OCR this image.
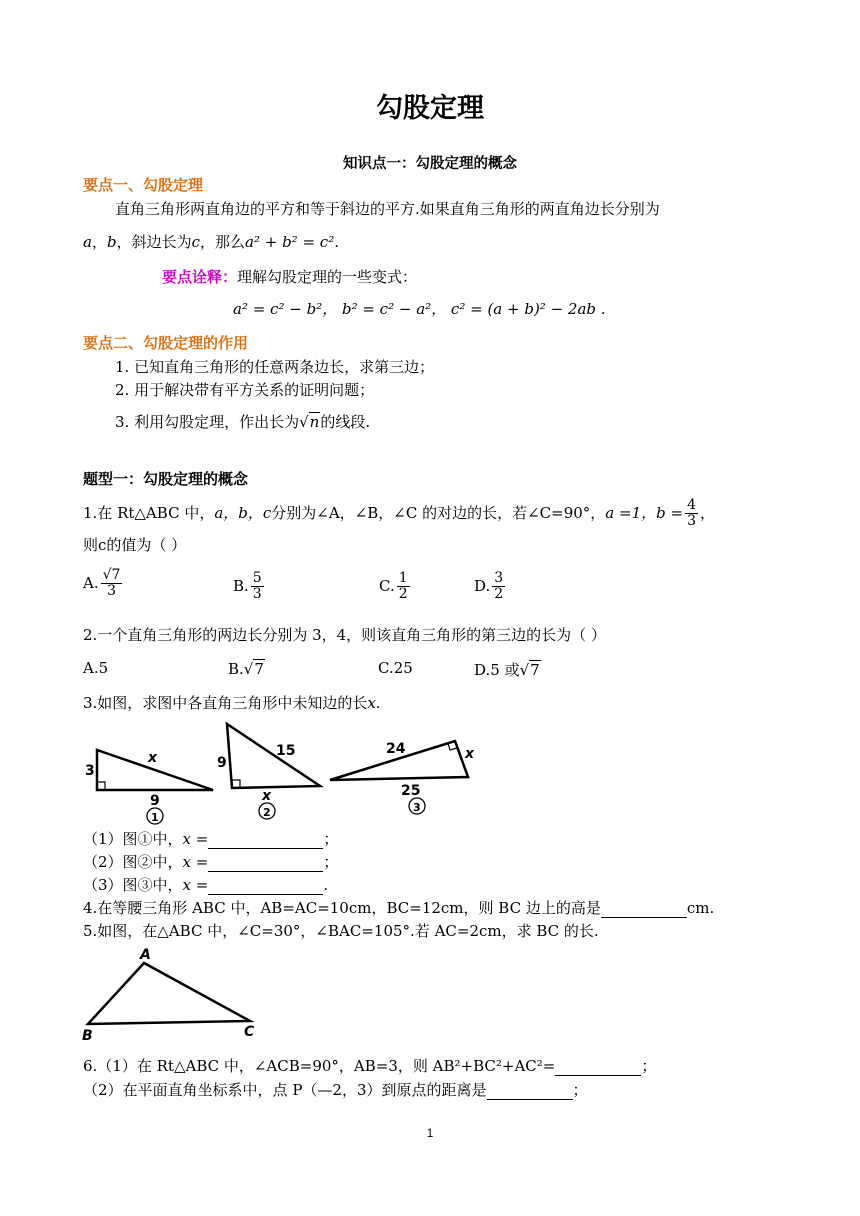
勾股定理
知识点一：勾股定理的概念
要点一、勾股定理
直角三角形两直角边的平方和等于斜边的平方.如果直角三角形的两直角边长分别为
a，b，斜边长为c，那么a² + b² = c².
要点诠释：理解勾股定理的一些变式：
a² = c² − b²， b² = c² − a²， c² = (a + b)² − 2ab .
要点二、勾股定理的作用
1. 已知直角三角形的任意两条边长，求第三边；
2. 用于解决带有平方关系的证明问题；
3. 利用勾股定理，作出长为√n的线段.
题型一：勾股定理的概念
1.在 Rt△ABC 中，a，b，c分别为∠A，∠B，∠C 的对边的长，若∠C=90°，a =1，$b = \frac{4}{3}$ ，
则c的值为（ ）
A. $\frac{√7}{3}$	B. $\frac{5}{3}$	C. $\frac{1}{2}$	D. $\frac{3}{2}$
2.一个直角三角形的两边长分别为 3，4，则该直角三角形的第三边的长为（ ）
A.5	B.√7	C.25	D.5 或√7
3.如图，求图中各直角三角形中未知边的长x.
3
x
9
1
9
15
x
2
24	x
25
3
A
B	C
（1）图①中，x =	；
（2）图②中，x =	；
（3）图③中，x =	.
4.在等腰三角形 ABC 中，AB=AC=10cm，BC=12cm，则 BC 边上的高是	cm.
5.如图，在△ABC 中，∠C=30°，∠BAC=105°.若 AC=2cm，求 BC 的长.
6.（1）在 Rt△ABC 中，∠ACB=90°，AB=3，则 AB²+BC²+AC²=	；
（2）在平面直角坐标系中，点 P（—2，3）到原点的距离是	；
1
